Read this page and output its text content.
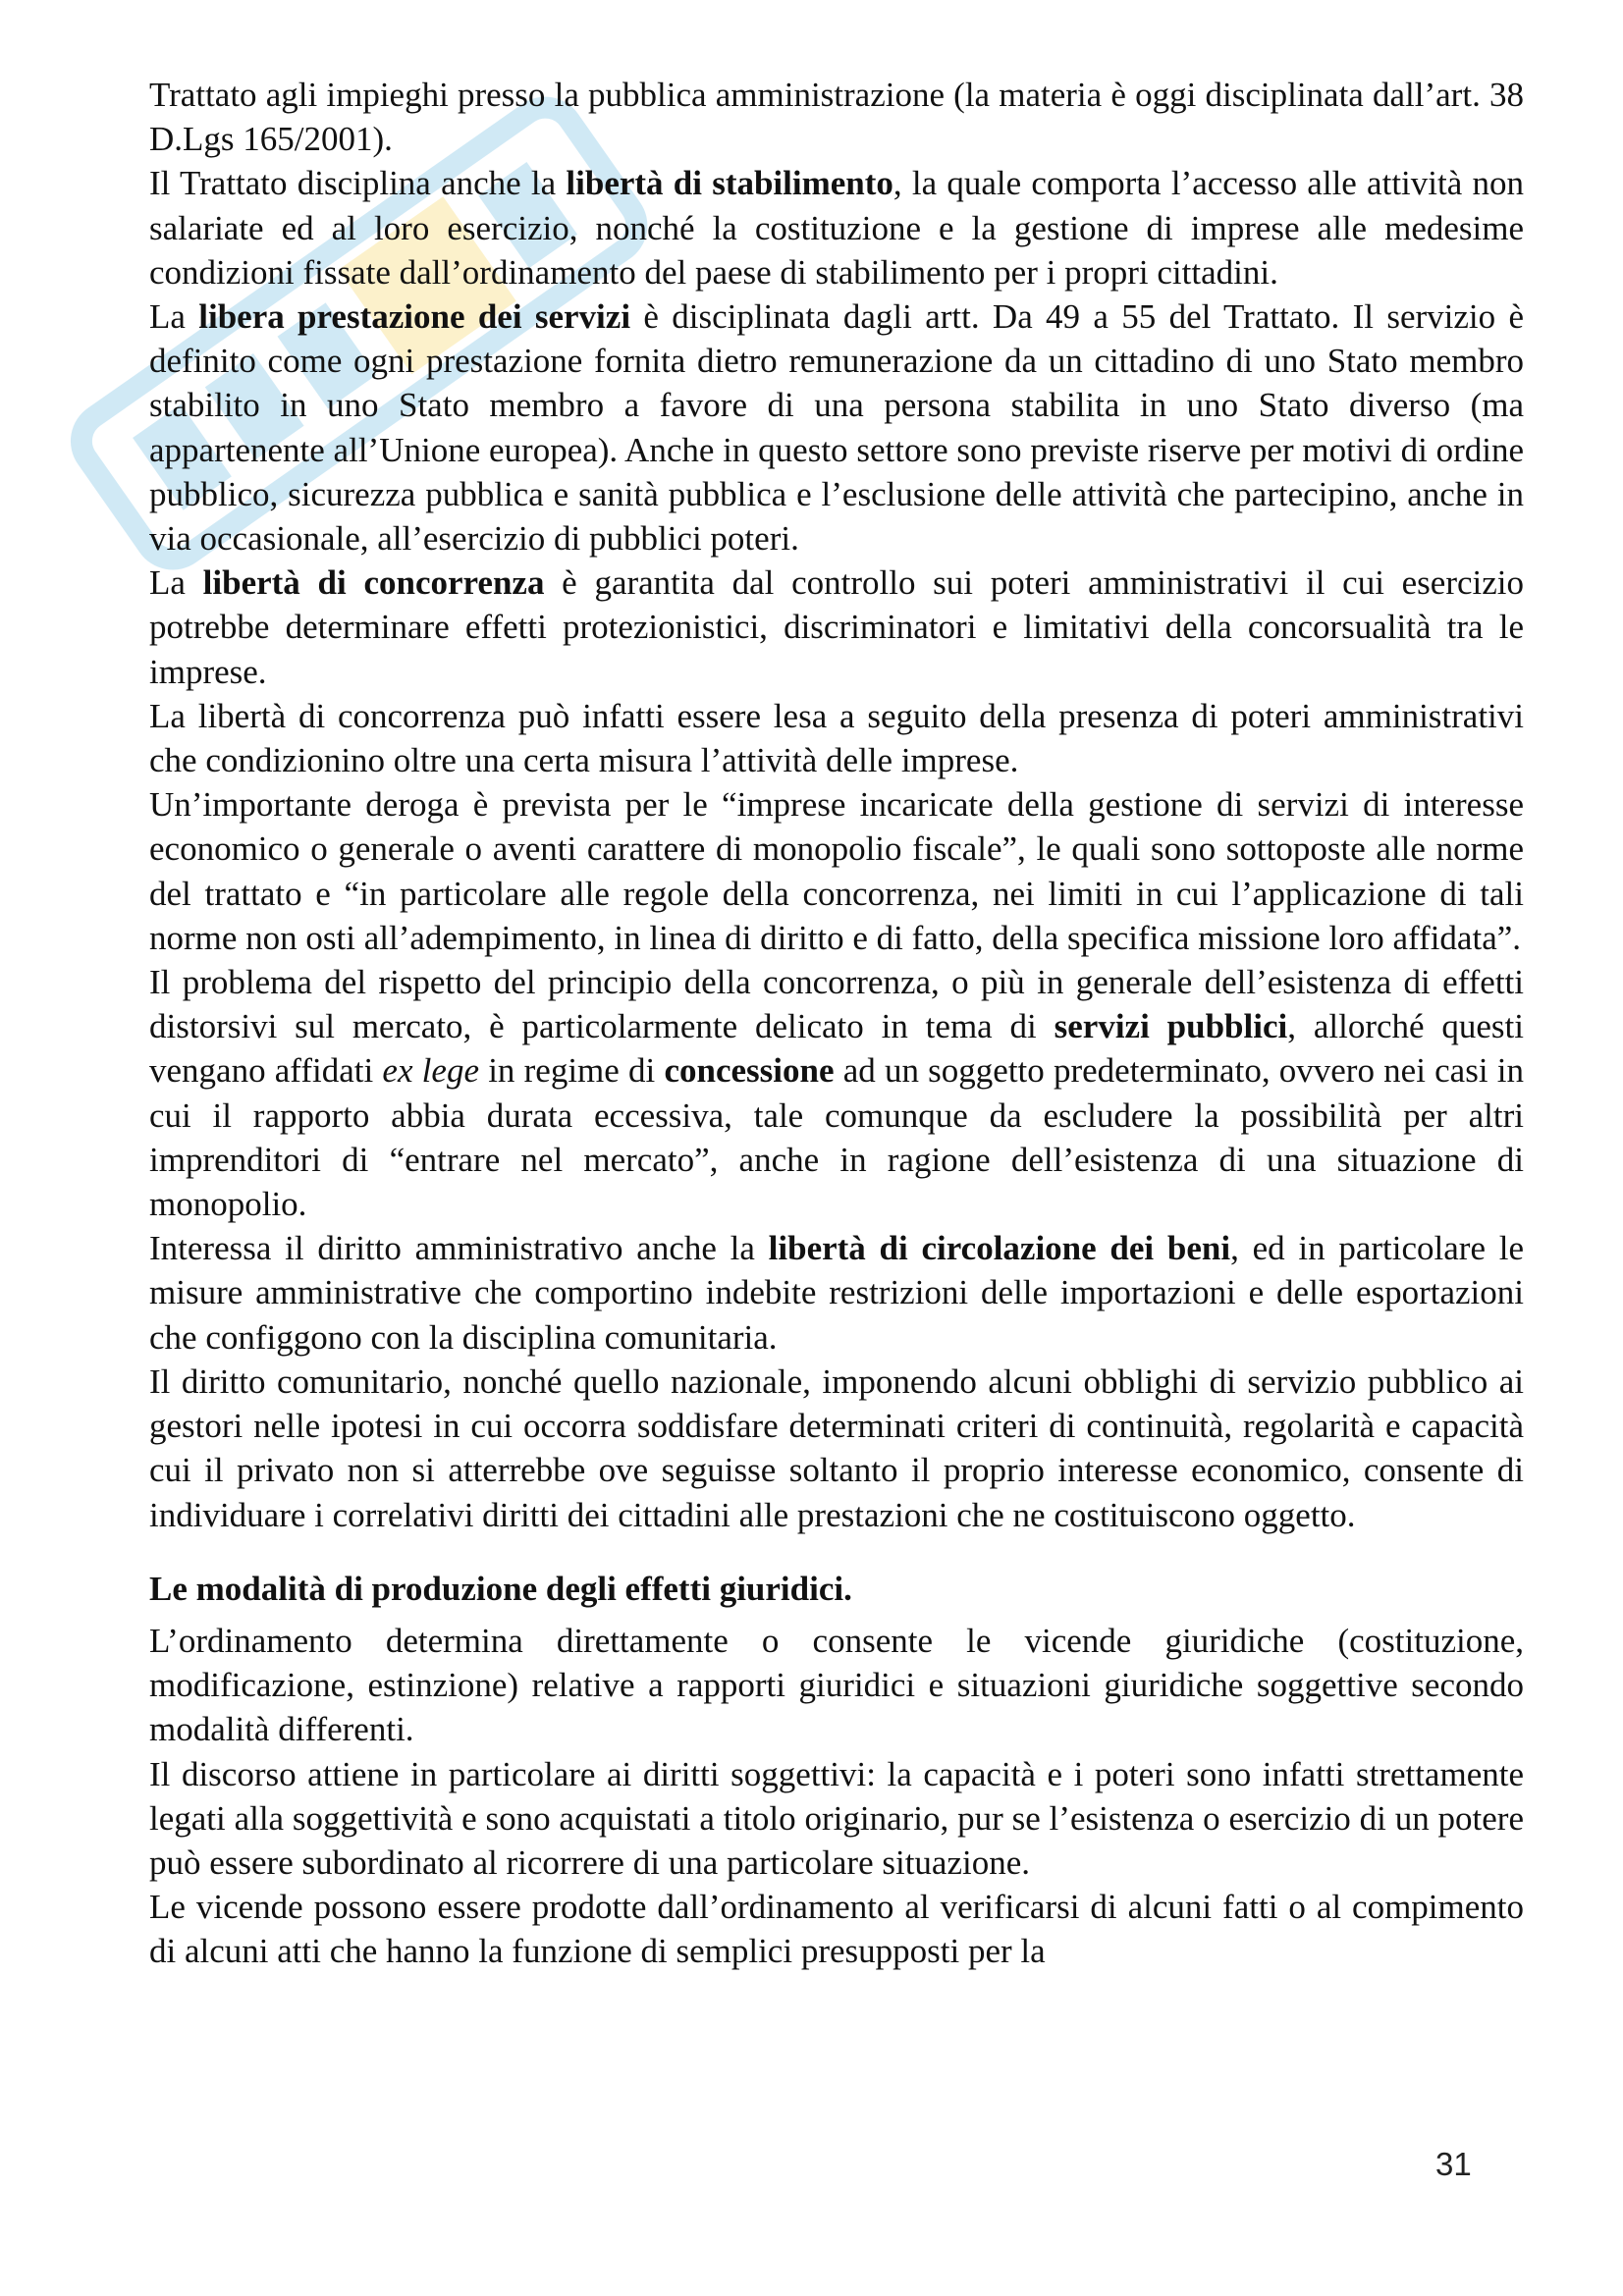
Trattato agli impieghi presso la pubblica amministrazione (la materia è oggi disciplinata dall’art. 38 D.Lgs 165/2001).

Il Trattato disciplina anche la libertà di stabilimento, la quale comporta l’accesso alle attività non salariate ed al loro esercizio, nonché la costituzione e la gestione di imprese alle medesime condizioni fissate dall’ordinamento del paese di stabilimento per i propri cittadini.

La libera prestazione dei servizi è disciplinata dagli artt. Da 49 a 55 del Trattato. Il servizio è definito come ogni prestazione fornita dietro remunerazione da un cittadino di uno Stato membro stabilito in uno Stato membro a favore di una persona stabilita in uno Stato diverso (ma appartenente all’Unione europea). Anche in questo settore sono previste riserve per motivi di ordine pubblico, sicurezza pubblica e sanità pubblica e l’esclusione delle attività che partecipino, anche in via occasionale, all’esercizio di pubblici poteri.

La libertà di concorrenza è garantita dal controllo sui poteri amministrativi il cui esercizio potrebbe determinare effetti protezionistici, discriminatori e limitativi della concorsualità tra le imprese.

La libertà di concorrenza può infatti essere lesa a seguito della presenza di poteri amministrativi che condizionino oltre una certa misura l’attività delle imprese.

Un’importante deroga è prevista per le “imprese incaricate della gestione di servizi di interesse economico o generale o aventi carattere di monopolio fiscale”, le quali sono sottoposte alle norme del trattato e “in particolare alle regole della concorrenza, nei limiti in cui l’applicazione di tali norme non osti all’adempimento, in linea di diritto e di fatto, della specifica missione loro affidata”.

Il problema del rispetto del principio della concorrenza, o più in generale dell’esistenza di effetti distorsivi sul mercato, è particolarmente delicato in tema di servizi pubblici, allorché questi vengano affidati ex lege in regime di concessione ad un soggetto predeterminato, ovvero nei casi in cui il rapporto abbia durata eccessiva, tale comunque da escludere la possibilità per altri imprenditori di “entrare nel mercato”, anche in ragione dell’esistenza di una situazione di monopolio.

Interessa il diritto amministrativo anche la libertà di circolazione dei beni, ed in particolare le misure amministrative che comportino indebite restrizioni delle importazioni e delle esportazioni che configgono con la disciplina comunitaria.

Il diritto comunitario, nonché quello nazionale, imponendo alcuni obblighi di servizio pubblico ai gestori nelle ipotesi in cui occorra soddisfare determinati criteri di continuità, regolarità e capacità cui il privato non si atterrebbe ove seguisse soltanto il proprio interesse economico, consente di individuare i correlativi diritti dei cittadini alle prestazioni che ne costituiscono oggetto.

Le modalità di produzione degli effetti giuridici.

L’ordinamento determina direttamente o consente le vicende giuridiche (costituzione, modificazione, estinzione) relative a rapporti giuridici e situazioni giuridiche soggettive secondo modalità differenti.

Il discorso attiene in particolare ai diritti soggettivi: la capacità e i poteri sono infatti strettamente legati alla soggettività e sono acquistati a titolo originario, pur se l’esistenza o esercizio di un potere può essere subordinato al ricorrere di una particolare situazione.

Le vicende possono essere prodotte dall’ordinamento al verificarsi di alcuni fatti o al compimento di alcuni atti che hanno la funzione di semplici presupposti per la

31
